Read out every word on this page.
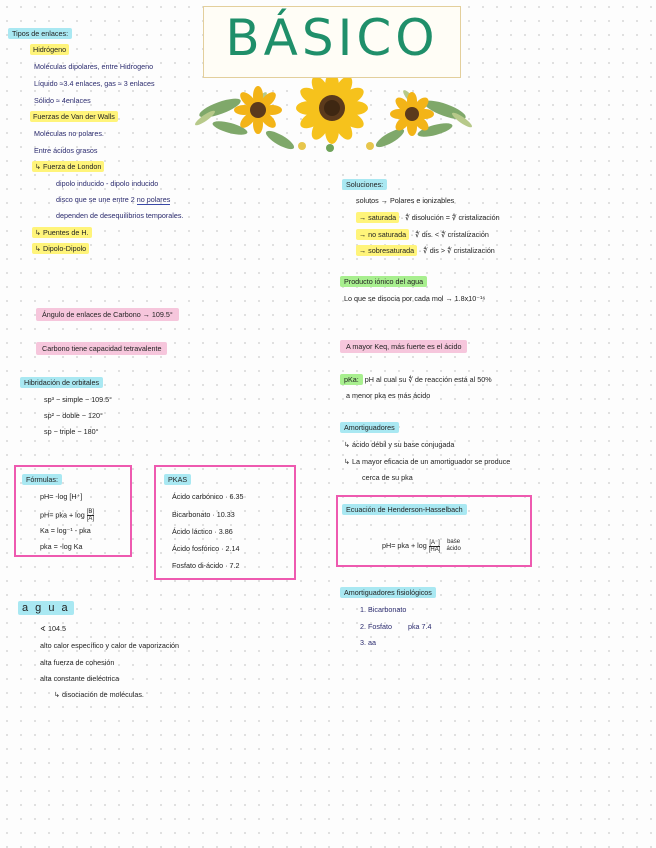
BÁSICO
Tipos de enlaces:
Hidrógeno
Moléculas dipolares, entre Hidrogeno
Líquido ≈3.4 enlaces, gas ≈ 3 enlaces
Sólido ≈ 4enlaces
Fuerzas de Van der Walls
Moléculas no polares.
Entre ácidos grasos
↳ Fuerza de London
dipolo inducido - dipolo inducido
disco que se une entre 2 no polares
dependen de desequilibrios temporales.
↳ Puentes de H.
↳ Dipolo-Dipolo
Ángulo de enlaces de Carbono → 109.5°
Carbono tiene capacidad tetravalente
Hibridación de orbitales
sp³ − simple − 109.5°
sp² − doble − 120°
sp − triple − 180°
Fórmulas:
pH= -log [H⁺]
pH= pka + $\log \frac{[B]}{[A]}$
Ka = log⁻¹ - pka
pka = -log Ka
PKAS
Ácido carbónico · 6.35
Bicarbonato · 10.33
Ácido láctico · 3.86
Ácido fosfórico · 2.14
Fosfato di-ácido · 7.2
a g u a
∢ 104.5
alto calor específico y calor de vaporización
alta fuerza de cohesión
alta constante dieléctrica
↳ disociación de moléculas.
Soluciones:
solutos → Polares e ionizables
→ saturada ∙ ∜ disolución = ∜ cristalización
→ no saturada ∙ ∜ dis. < ∜ cristalización
→ sobresaturada ∙ ∜ dis > ∜ cristalización
Producto iónico del agua
Lo que se disocia por cada mol → 1.8x10⁻¹⁶
A mayor Keq, más fuerte es el ácido
pKa: pH al cual su ∜ de reacción está al 50%
a menor pka es más ácido
Amortiguadores
↳ ácido débil y su base conjugada
↳ La mayor eficacia de un amortiguador se produce
cerca de su pka
Ecuación de Henderson-Hasselbach
pH= pka + $\log \frac{[A^-]}{[HA]}$
base
ácido
Amortiguadores fisiológicos
1. Bicarbonato
2. Fosfato pka 7.4
3. aa
